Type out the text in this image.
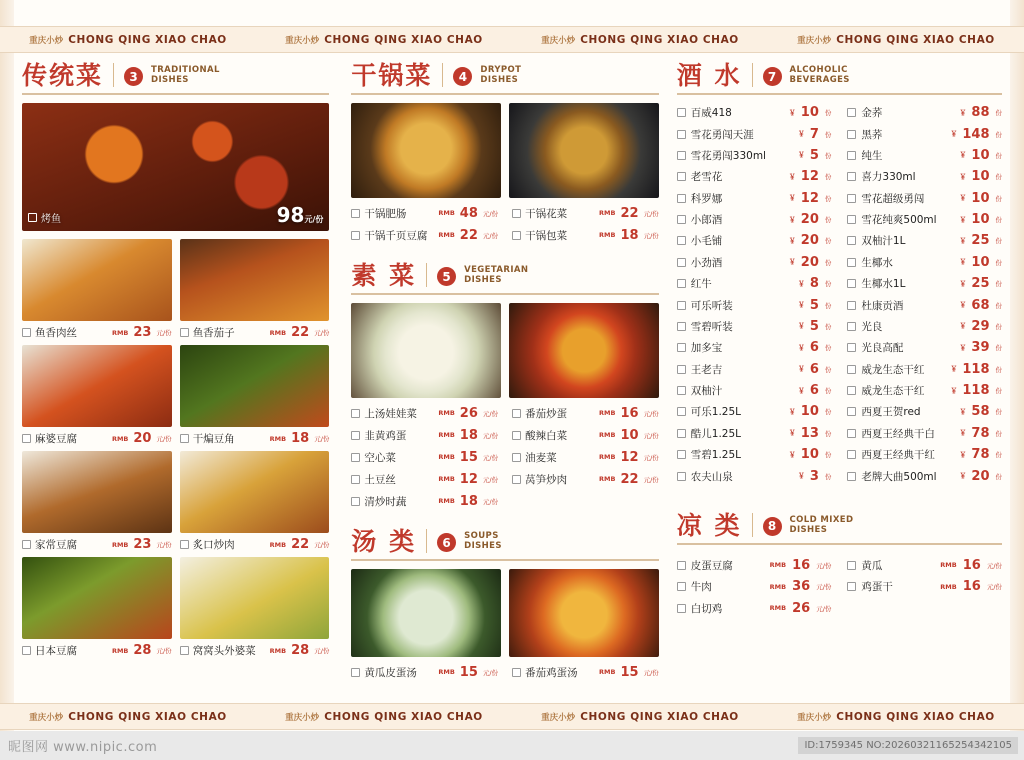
重庆小炒 CHONG QING XIAO CHAO	重庆小炒 CHONG QING XIAO CHAO	重庆小炒 CHONG QING XIAO CHAO	重庆小炒 CHONG QING XIAO CHAO
传统菜	3	TRADITIONAL
DISHES
烤鱼	98元/份
鱼香肉丝	RMB 23 元/份 鱼香茄子	RMB 22 元/份
麻婆豆腐	RMB 20 元/份 干煸豆角	RMB 18 元/份
家常豆腐	RMB 23 元/份 炙口炒肉	RMB 22 元/份
日本豆腐	RMB 28 元/份 窝窝头外婆菜 RMB 28 元/份
干锅菜	4	DRYPOT
DISHES
干锅肥肠	RMB 48 元/份	干锅花菜	RMB 22 元/份
干锅千页豆腐 RMB 22 元/份	干锅包菜	RMB 18 元/份
素 菜	5	VEGETARIAN
DISHES
上汤娃娃菜	RMB 26 元/份	番茄炒蛋	RMB 16 元/份
韭黄鸡蛋	RMB 18 元/份	酸辣白菜	RMB 10 元/份
空心菜	RMB 15 元/份	油麦菜	RMB 12 元/份
土豆丝	RMB 12 元/份	莴笋炒肉	RMB 22 元/份
清炒时蔬	RMB 18 元/份
汤 类	6	SOUPS
DISHES
黄瓜皮蛋汤	RMB 15 元/份	番茄鸡蛋汤	RMB 15 元/份
酒 水	7	ALCOHOLIC
BEVERAGES
百威418	￥ 10 份
雪花勇闯天涯	￥ 7 份
雪花勇闯330ml	￥ 5 份
老雪花	￥ 12 份
科罗娜	￥ 12 份
小郎酒	￥ 20 份
小毛铺	￥ 20 份
小劲酒	￥ 20 份
红牛	￥ 8 份
可乐听装	￥ 5 份
雪碧听装	￥ 5 份
加多宝	￥ 6 份
王老吉	￥ 6 份
双柚汁	￥ 6 份
可乐1.25L	￥ 10 份
酷儿1.25L	￥ 13 份
雪碧1.25L	￥ 10 份
农夫山泉	￥ 3 份
金荞	￥ 88 份
黑荞	￥ 148 份
纯生	￥ 10 份
喜力330ml	￥ 10 份
雪花超级勇闯	￥ 10 份
雪花纯爽500ml	￥ 10 份
双柚汁1L	￥ 25 份
生椰水	￥ 10 份
生椰水1L	￥ 25 份
杜康贡酒	￥ 68 份
光良	￥ 29 份
光良高配	￥ 39 份
威龙生态干红	￥ 118 份
威龙生态干红	￥ 118 份
西夏王贺red	￥ 58 份
西夏王经典干白	￥ 78 份
西夏王经典干红	￥ 78 份
老牌大曲500ml	￥ 20 份
凉 类	8	COLD MIXED
DISHES
皮蛋豆腐	RMB 16 元/份
牛肉	RMB 36 元/份
白切鸡	RMB 26 元/份
黄瓜	RMB 16 元/份
鸡蛋干	RMB 16 元/份
重庆小炒 CHONG QING XIAO CHAO	重庆小炒 CHONG QING XIAO CHAO	重庆小炒 CHONG QING XIAO CHAO	重庆小炒 CHONG QING XIAO CHAO
昵图网 www.nipic.com	ID:1759345 NO:20260321165254342105
